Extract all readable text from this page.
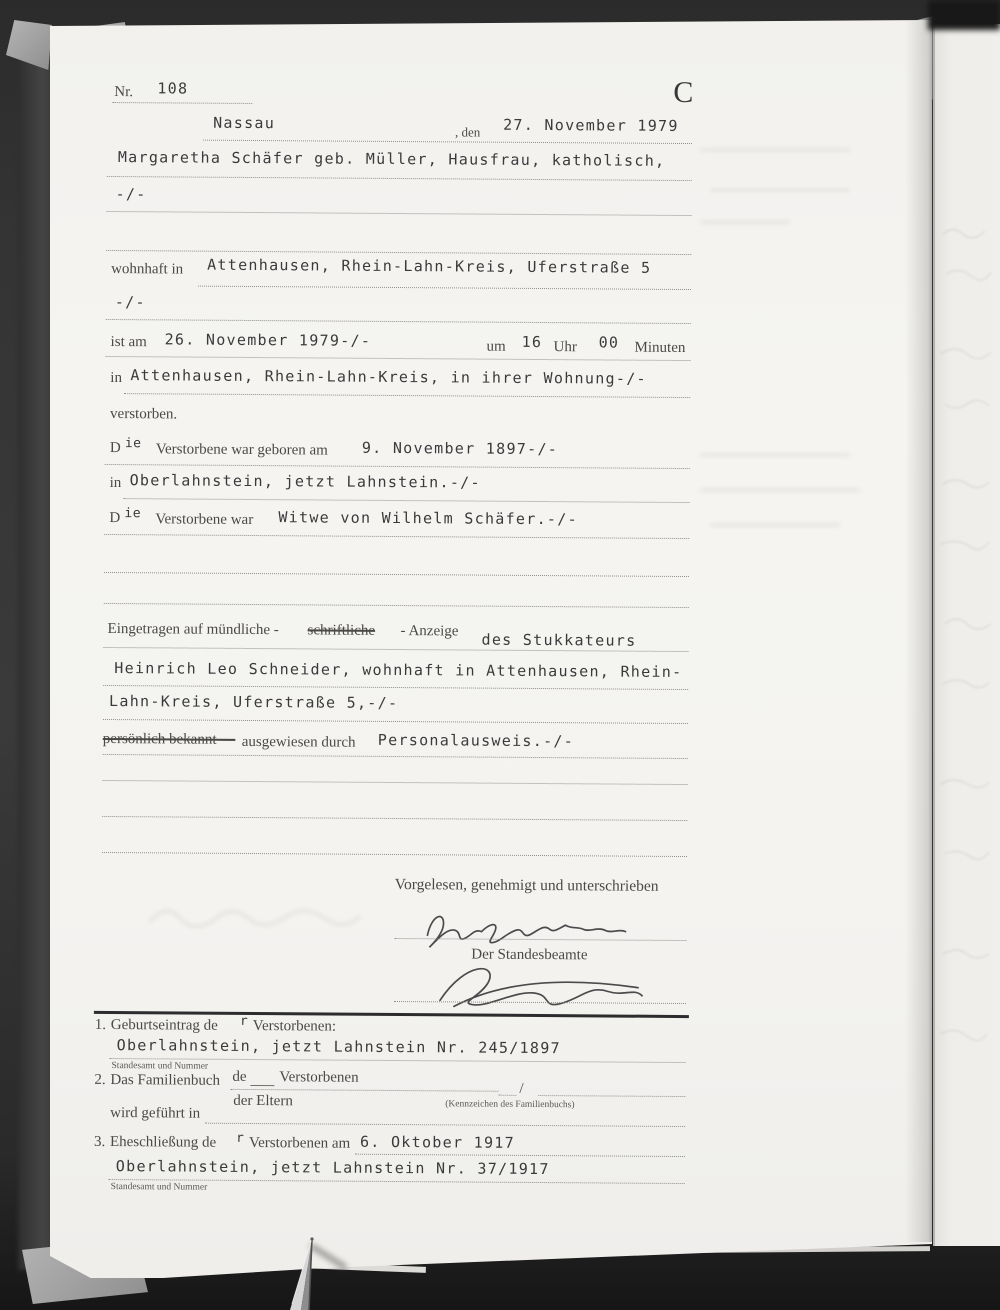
Nr. 108	C
Nassau	, den 27. November 1979
Margaretha Schäfer geb. Müller, Hausfrau, katholisch,
-/-
wohnhaft in Attenhausen, Rhein-Lahn-Kreis, Uferstraße 5
-/-
ist am 26. November 1979-/-	um 16 Uhr 00 Minuten
in Attenhausen, Rhein-Lahn-Kreis, in ihrer Wohnung-/-
verstorben.
D ie Verstorbene war geboren am 9. November 1897-/-
in Oberlahnstein, jetzt Lahnstein.-/-
D ie Verstorbene war Witwe von Wilhelm Schäfer.-/-
Eingetragen auf mündliche - schriftliche - Anzeige des Stukkateurs
Heinrich Leo Schneider, wohnhaft in Attenhausen, Rhein-
Lahn-Kreis, Uferstraße 5,-/-
persönlich bekannt — ausgewiesen durch Personalausweis.-/-
Vorgelesen, genehmigt und unterschrieben
Der Standesbeamte
1. Geburtseintrag de r Verstorbenen:
Oberlahnstein, jetzt Lahnstein Nr. 245/1897
Standesamt und Nummer
2. Das Familienbuch de Verstorbenen
der Eltern
/
(Kennzeichen des Familienbuchs)
wird geführt in
3. Eheschließung de r Verstorbenen am 6. Oktober 1917
Oberlahnstein, jetzt Lahnstein Nr. 37/1917
Standesamt und Nummer
